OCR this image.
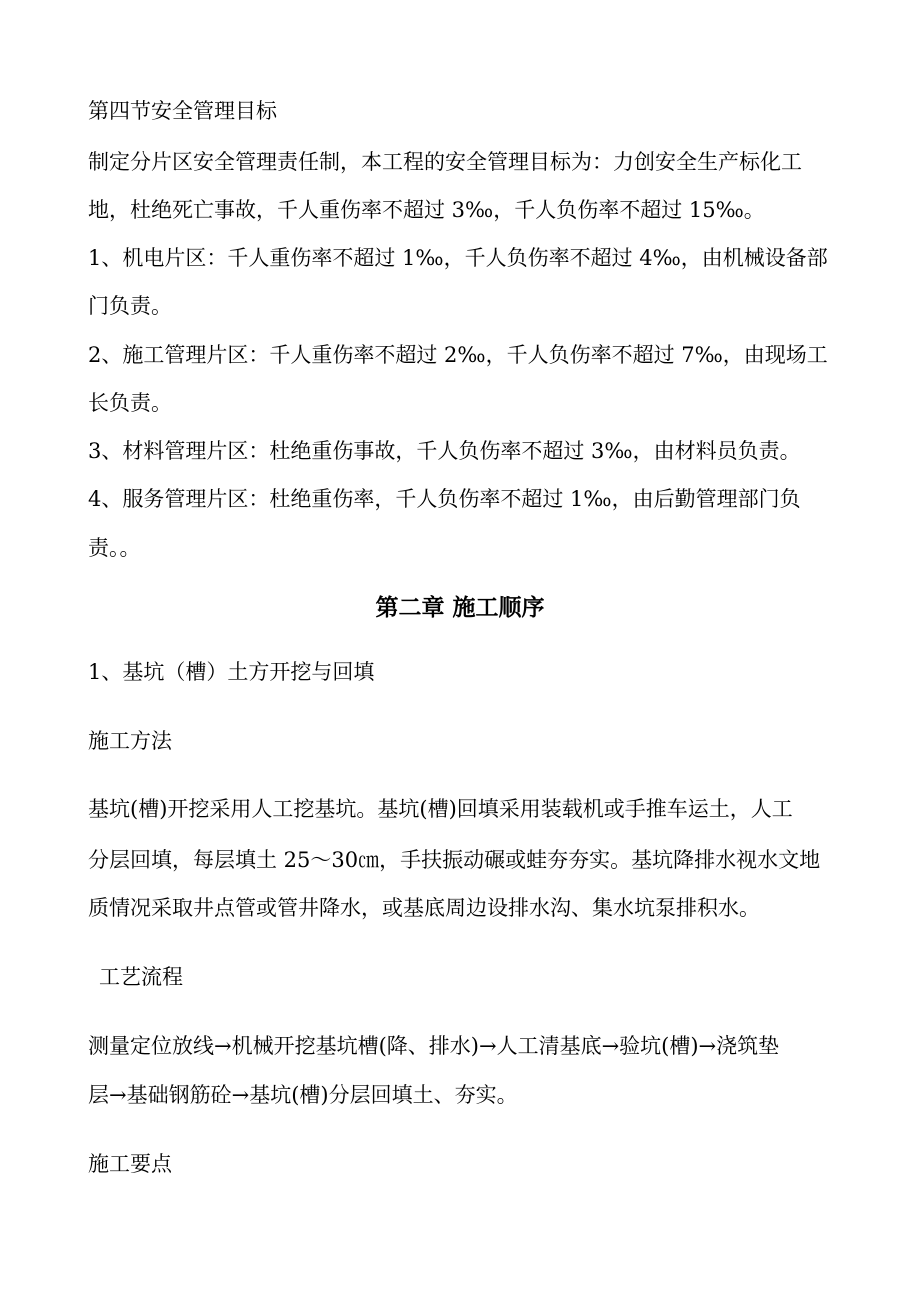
第四节安全管理目标
制定分片区安全管理责任制，本工程的安全管理目标为：力创安全生产标化工
地，杜绝死亡事故，千人重伤率不超过 3‰，千人负伤率不超过 15‰。
1、机电片区：千人重伤率不超过 1‰，千人负伤率不超过 4‰，由机械设备部
门负责。
2、施工管理片区：千人重伤率不超过 2‰，千人负伤率不超过 7‰，由现场工
长负责。
3、材料管理片区：杜绝重伤事故，千人负伤率不超过 3‰，由材料员负责。
4、服务管理片区：杜绝重伤率，千人负伤率不超过 1‰，由后勤管理部门负
责。。
第二章 施工顺序
1、基坑（槽）土方开挖与回填
施工方法
基坑(槽)开挖采用人工挖基坑。基坑(槽)回填采用装载机或手推车运土，人工
分层回填，每层填土 25～30㎝，手扶振动碾或蛙夯夯实。基坑降排水视水文地
质情况采取井点管或管井降水，或基底周边设排水沟、集水坑泵排积水。
工艺流程
测量定位放线→机械开挖基坑槽(降、排水)→人工清基底→验坑(槽)→浇筑垫
层→基础钢筋砼→基坑(槽)分层回填土、夯实。
施工要点
